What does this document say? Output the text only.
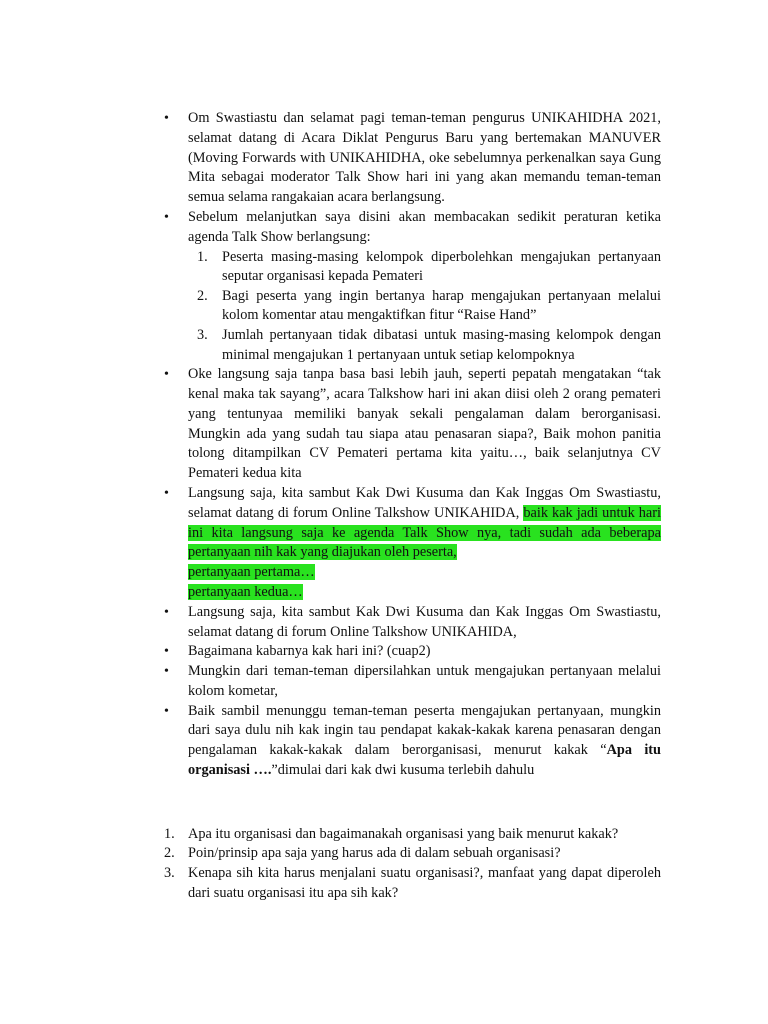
• Om Swastiastu dan selamat pagi teman-teman pengurus UNIKAHIDHA 2021, selamat datang di Acara Diklat Pengurus Baru yang bertemakan MANUVER (Moving Forwards with UNIKAHIDHA, oke sebelumnya perkenalkan saya Gung Mita sebagai moderator Talk Show hari ini yang akan memandu teman-teman semua selama rangakaian acara berlangsung.
• Sebelum melanjutkan saya disini akan membacakan sedikit peraturan ketika agenda Talk Show berlangsung:
1. Peserta masing-masing kelompok diperbolehkan mengajukan pertanyaan seputar organisasi kepada Pemateri
2. Bagi peserta yang ingin bertanya harap mengajukan pertanyaan melalui kolom komentar atau mengaktifkan fitur “Raise Hand”
3. Jumlah pertanyaan tidak dibatasi untuk masing-masing kelompok dengan minimal mengajukan 1 pertanyaan untuk setiap kelompoknya
• Oke langsung saja tanpa basa basi lebih jauh, seperti pepatah mengatakan “tak kenal maka tak sayang”, acara Talkshow hari ini akan diisi oleh 2 orang pemateri yang tentunyaa memiliki banyak sekali pengalaman dalam berorganisasi. Mungkin ada yang sudah tau siapa atau penasaran siapa?, Baik mohon panitia tolong ditampilkan CV Pemateri pertama kita yaitu…, baik selanjutnya CV Pemateri kedua kita
• Langsung saja, kita sambut Kak Dwi Kusuma dan Kak Inggas Om Swastiastu, selamat datang di forum Online Talkshow UNIKAHIDA, baik kak jadi untuk hari ini kita langsung saja ke agenda Talk Show nya, tadi sudah ada beberapa pertanyaan nih kak yang diajukan oleh peserta,
pertanyaan pertama…
pertanyaan kedua…
• Langsung saja, kita sambut Kak Dwi Kusuma dan Kak Inggas Om Swastiastu, selamat datang di forum Online Talkshow UNIKAHIDA,
• Bagaimana kabarnya kak hari ini? (cuap2)
• Mungkin dari teman-teman dipersilahkan untuk mengajukan pertanyaan melalui kolom kometar,
• Baik sambil menunggu teman-teman peserta mengajukan pertanyaan, mungkin dari saya dulu nih kak ingin tau pendapat kakak-kakak karena penasaran dengan pengalaman kakak-kakak dalam berorganisasi, menurut kakak “Apa itu organisasi ….”dimulai dari kak dwi kusuma terlebih dahulu
1. Apa itu organisasi dan bagaimanakah organisasi yang baik menurut kakak?
2. Poin/prinsip apa saja yang harus ada di dalam sebuah organisasi?
3. Kenapa sih kita harus menjalani suatu organisasi?, manfaat yang dapat diperoleh dari suatu organisasi itu apa sih kak?
